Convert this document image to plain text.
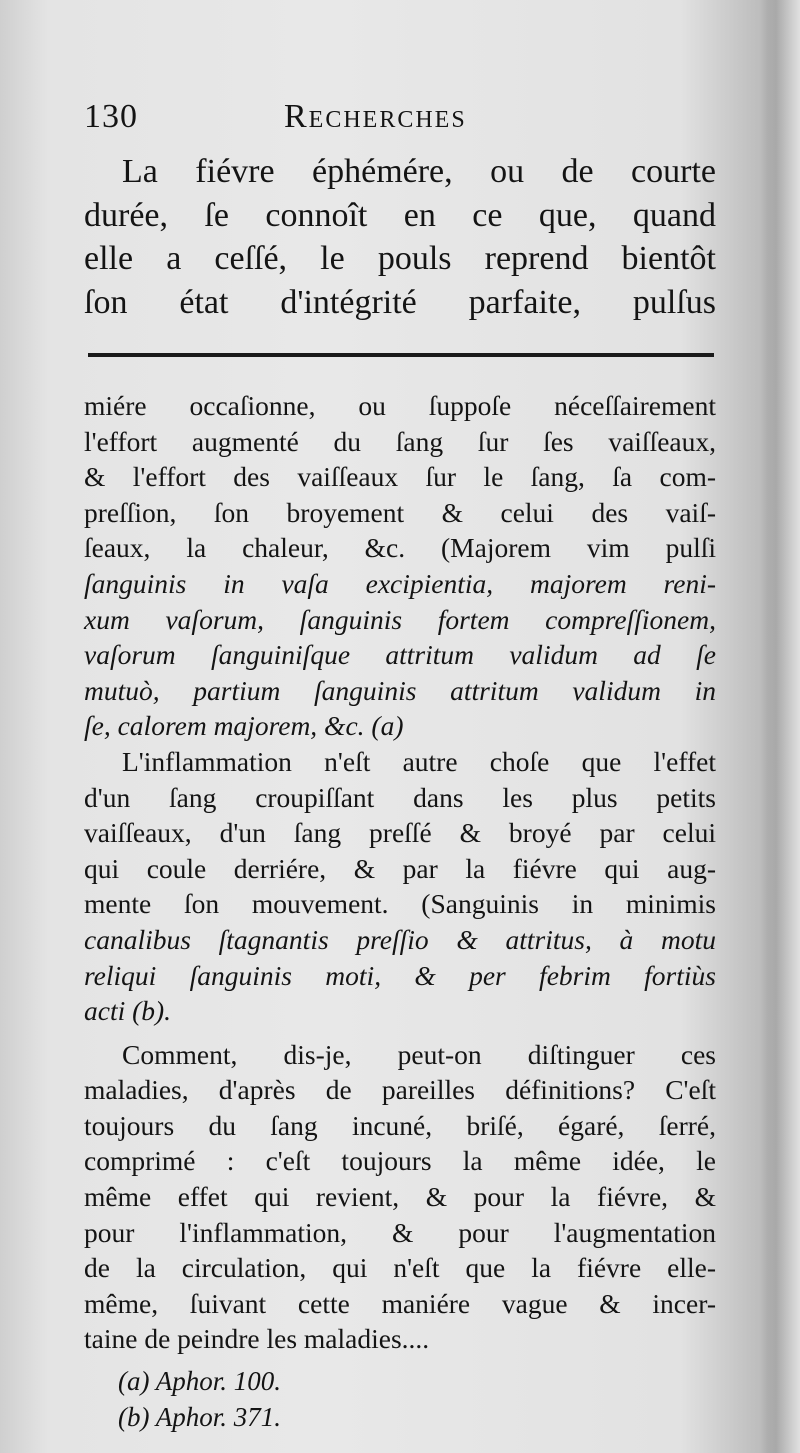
130	Recherches
La fiévre éphémére, ou de courte
durée, ſe connoît en ce que, quand
elle a ceſſé, le pouls reprend bientôt
ſon état d'intégrité parfaite, pulſus
miére occaſionne, ou ſuppoſe néceſſairement
l'effort augmenté du ſang ſur ſes vaiſſeaux,
& l'effort des vaiſſeaux ſur le ſang, ſa com-
preſſion, ſon broyement & celui des vaiſ-
ſeaux, la chaleur, &c. (Majorem vim pulſi
ſanguinis in vaſa excipientia, majorem reni-
xum vaſorum, ſanguinis fortem compreſſionem,
vaſorum ſanguiniſque attritum validum ad ſe
mutuò, partium ſanguinis attritum validum in
ſe, calorem majorem, &c. (a)
L'inflammation n'eſt autre choſe que l'effet
d'un ſang croupiſſant dans les plus petits
vaiſſeaux, d'un ſang preſſé & broyé par celui
qui coule derriére, & par la fiévre qui aug-
mente ſon mouvement. (Sanguinis in minimis
canalibus ſtagnantis preſſio & attritus, à motu
reliqui ſanguinis moti, & per febrim fortiùs
acti (b).
Comment, dis-je, peut-on diſtinguer ces
maladies, d'après de pareilles définitions? C'eſt
toujours du ſang incuné, briſé, égaré, ſerré,
comprimé : c'eſt toujours la même idée, le
même effet qui revient, & pour la fiévre, &
pour l'inflammation, & pour l'augmentation
de la circulation, qui n'eſt que la fiévre elle-
même, ſuivant cette maniére vague & incer-
taine de peindre les maladies....
(a) Aphor. 100.
(b) Aphor. 371.
